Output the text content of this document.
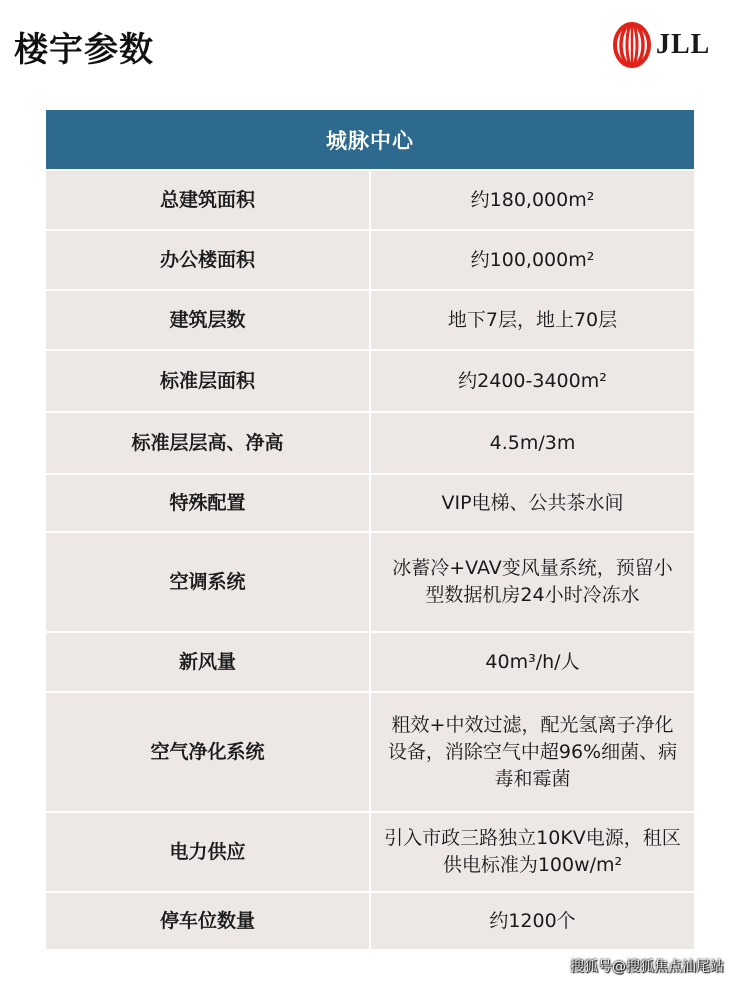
楼宇参数	JLL
城脉中心	
总建筑面积	约180,000m²
办公楼面积	约100,000m²
建筑层数	地下7层，地上70层
标准层面积	约2400-3400m²
标准层层高、净高	4.5m/3m
特殊配置	VIP电梯、公共茶水间
空调系统	冰蓄冷+VAV变风量系统，预留小型数据机房24小时冷冻水
新风量	40m³/h/人
空气净化系统	粗效+中效过滤，配光氢离子净化设备，消除空气中超96%细菌、病毒和霉菌
电力供应	引入市政三路独立10KV电源，租区供电标准为100w/m²
停车位数量	约1200个
搜狐号@搜狐焦点汕尾站
